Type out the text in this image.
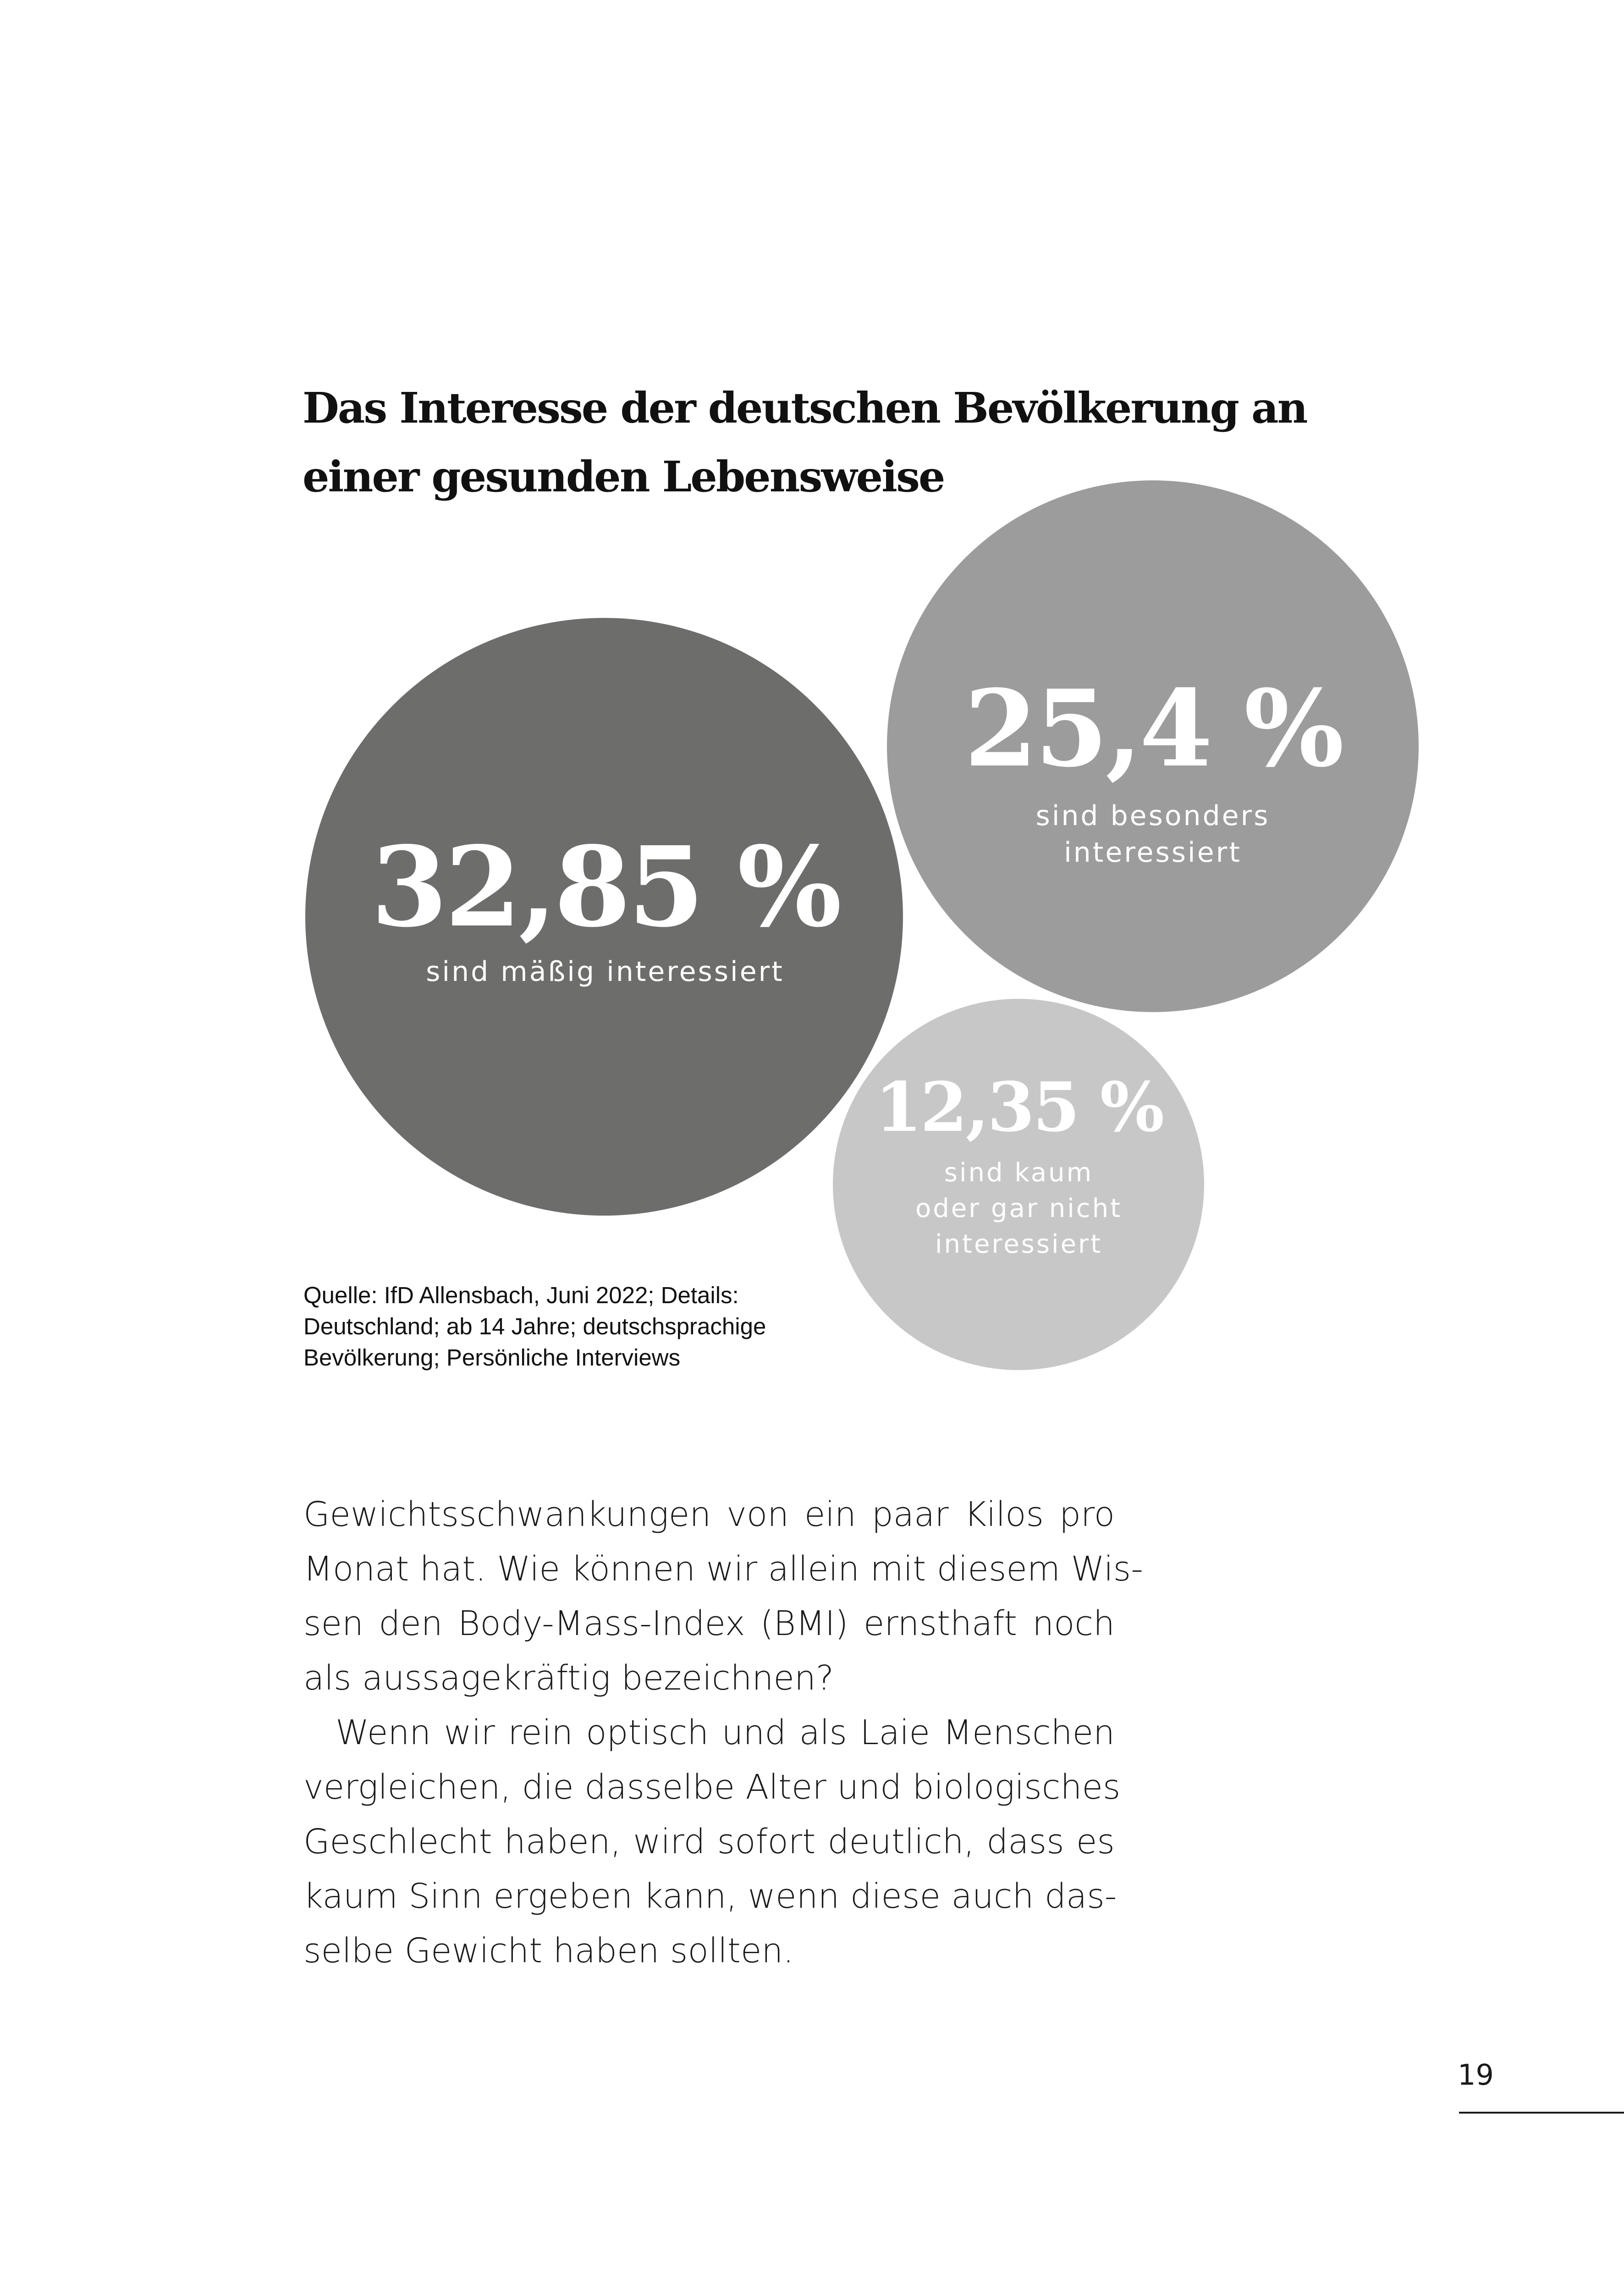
Das Interesse der deutschen Bevölkerung an
einer gesunden Lebensweise
32,85 %
sind mäßig interessiert
25,4 %
sind besonders
interessiert
12,35 %
sind kaum
oder gar nicht
interessiert
Quelle: IfD Allensbach, Juni 2022; Details:
Deutschland; ab 14 Jahre; deutschsprachige
Bevölkerung; Persönliche Interviews
Gewichtsschwankungen von ein paar Kilos pro
Monat hat. Wie können wir allein mit diesem Wis-
sen den Body-Mass-Index (BMI) ernsthaft noch
als aussagekräftig bezeichnen?
Wenn wir rein optisch und als Laie Menschen
vergleichen, die dasselbe Alter und biologisches
Geschlecht haben, wird sofort deutlich, dass es
kaum Sinn ergeben kann, wenn diese auch das-
selbe Gewicht haben sollten.
19
